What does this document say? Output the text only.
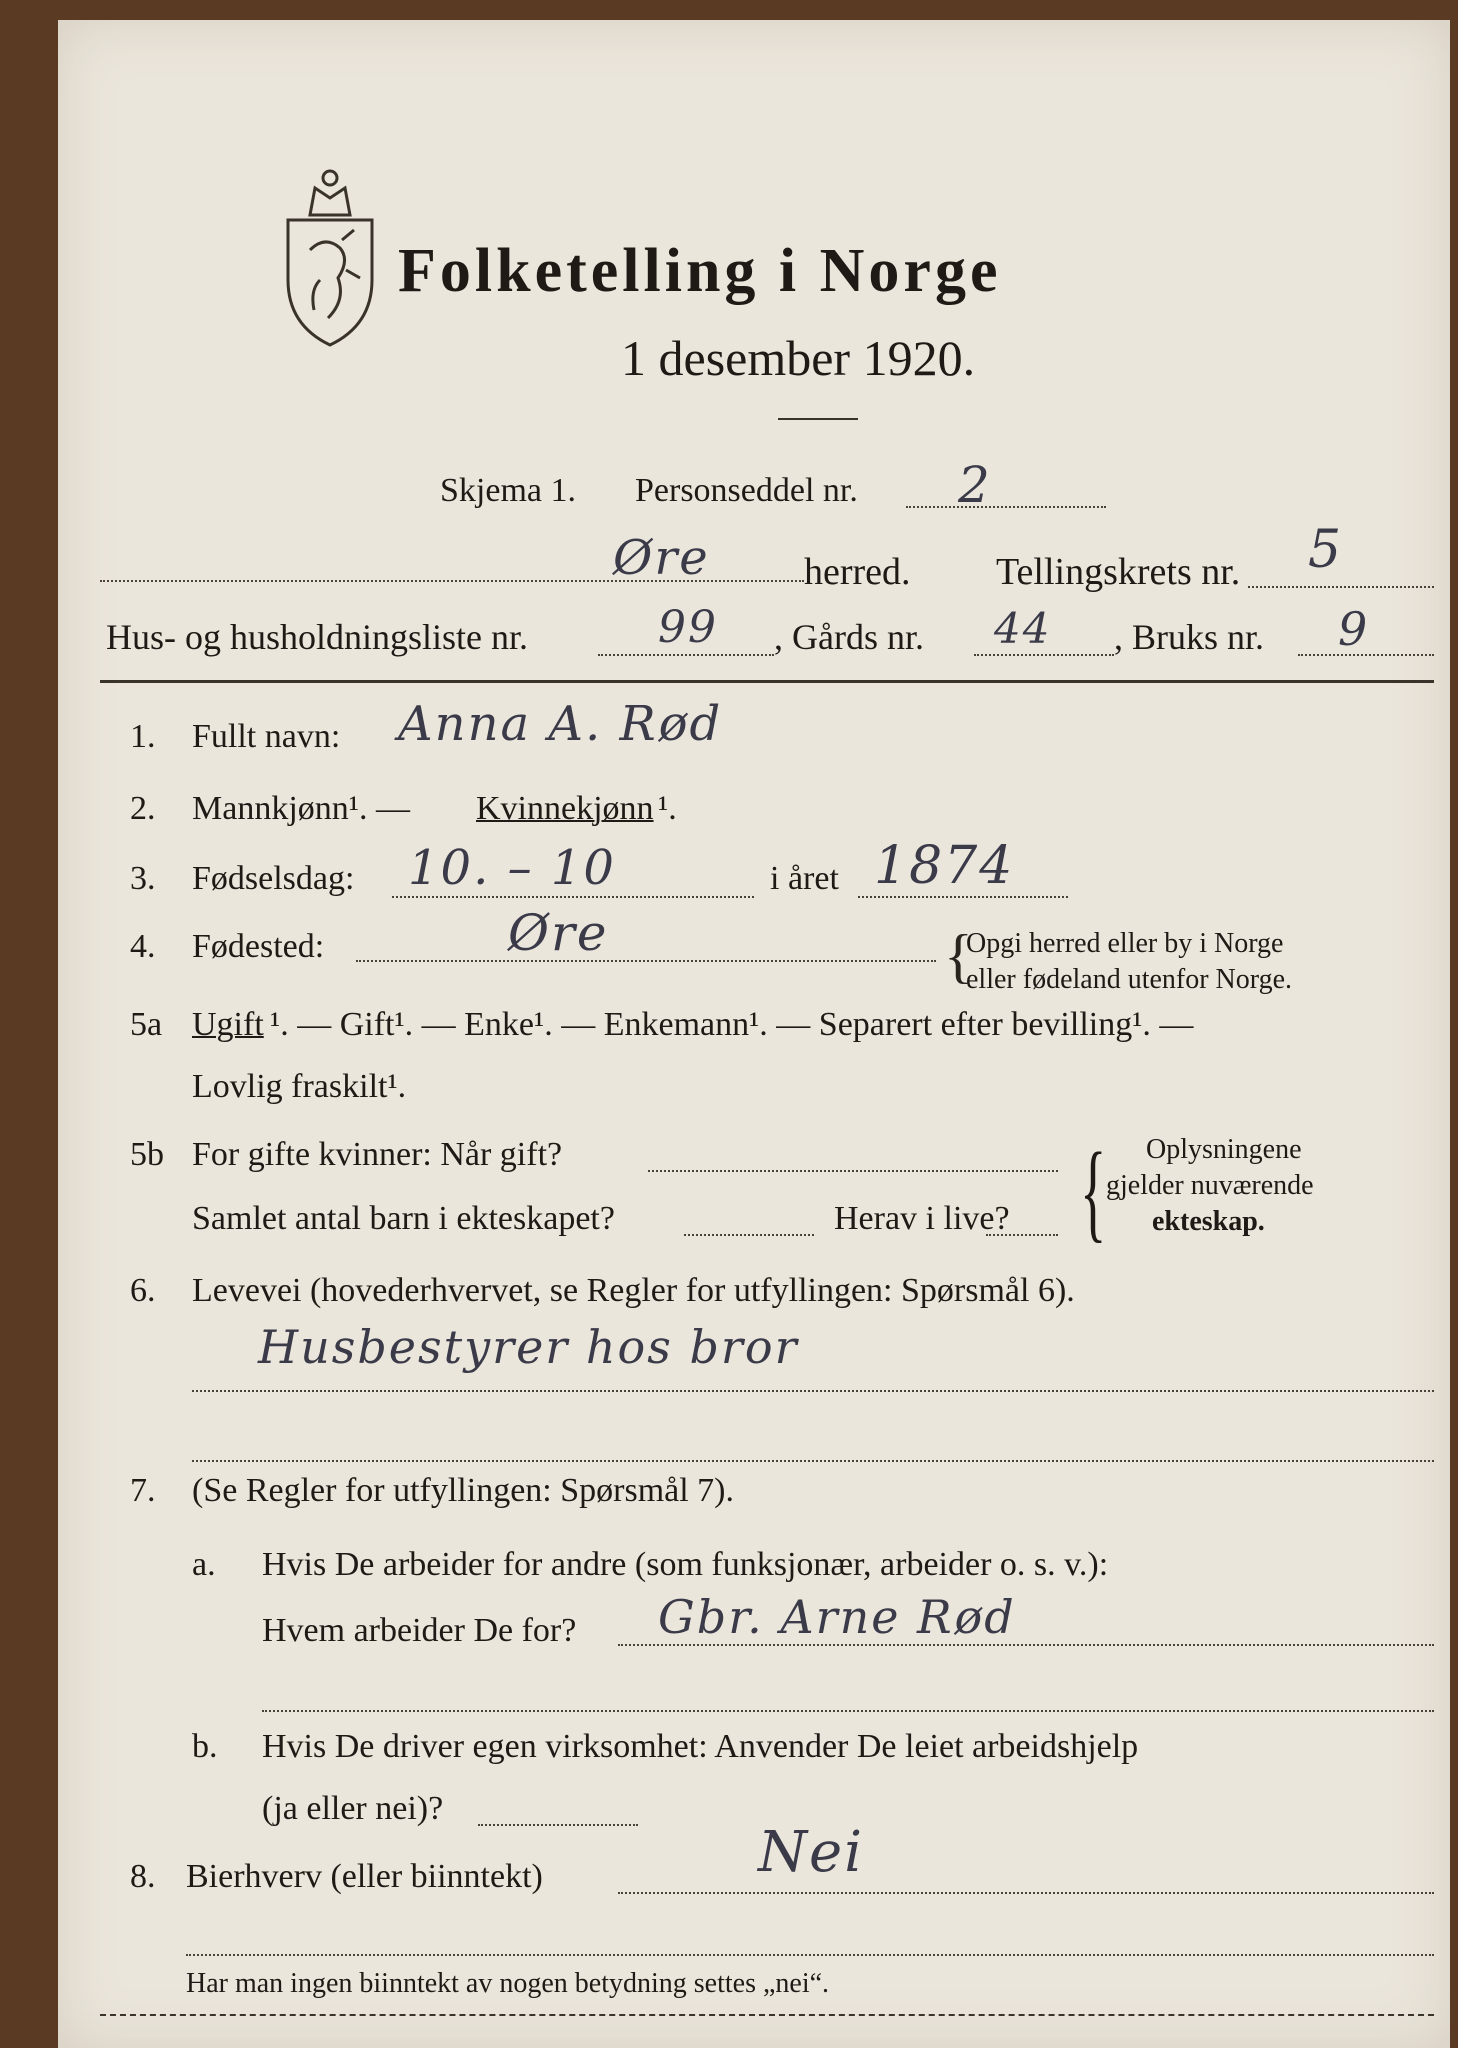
Folketelling i Norge
1 desember 1920.
Skjema 1. Personseddel nr. 2
Øre herred. Tellingskrets nr. 5
Hus- og husholdningsliste nr.	99 , Gårds nr. 44 , Bruks nr. 9
1. Fullt navn: Anna A. Rød
2. Mannkjønn¹. — Kvinnekjønn ¹.
3. Fødselsdag: 10. – 10	i året 1874
4. Fødested:	Øre	{
Opgi herred eller by i Norge
eller fødeland utenfor Norge.
5a Ugift ¹. — Gift¹. — Enke¹. — Enkemann¹. — Separert efter bevilling¹. —
Lovlig fraskilt¹.
5b For gifte kvinner: Når gift?
Samlet antal barn i ekteskapet?	Herav i live? { Oplysningene
gjelder nuværende
ekteskap.
6. Levevei (hovederhvervet, se Regler for utfyllingen: Spørsmål 6).
Husbestyrer hos bror
7. (Se Regler for utfyllingen: Spørsmål 7).
a. Hvis De arbeider for andre (som funksjonær, arbeider o. s. v.):
Hvem arbeider De for? Gbr. Arne Rød
b. Hvis De driver egen virksomhet: Anvender De leiet arbeidshjelp
(ja eller nei)?
8. Bierhverv (eller biinntekt)	Nei
Har man ingen biinntekt av nogen betydning settes „nei“.
